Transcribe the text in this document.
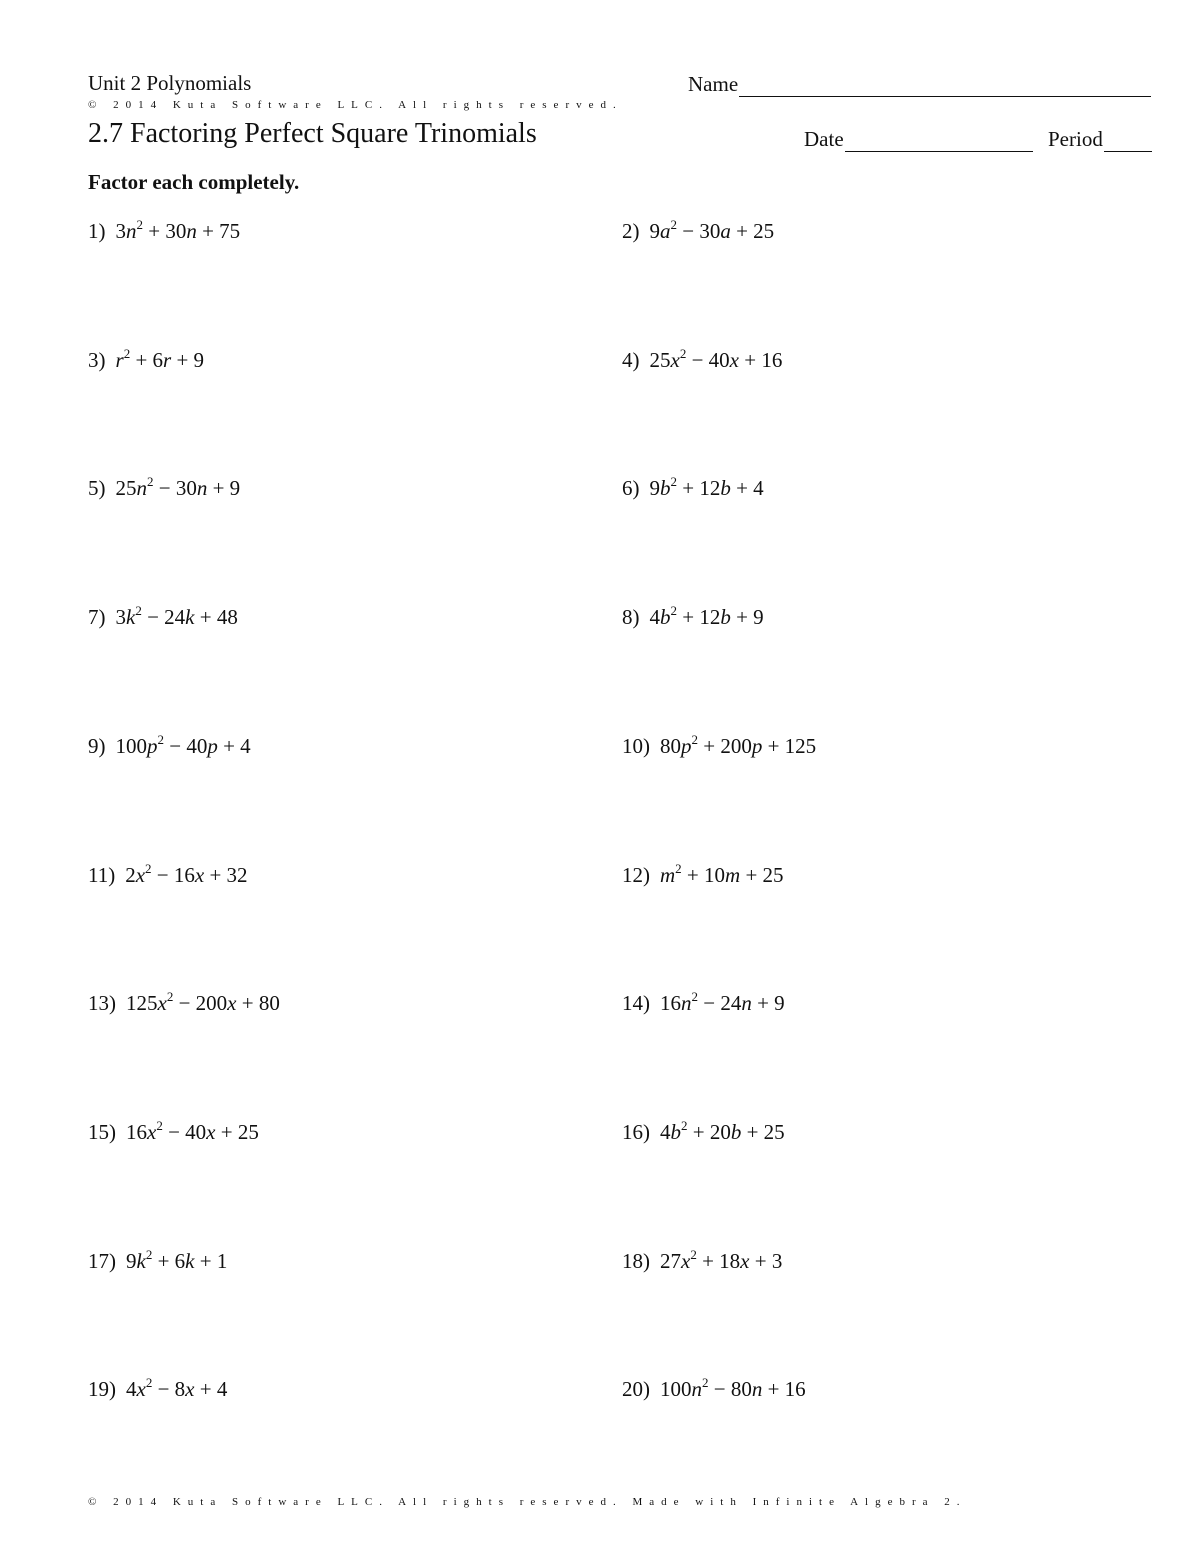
Unit 2 Polynomials
© 2014 Kuta Software LLC. All rights reserved.
2.7 Factoring Perfect Square Trinomials
Name
Date	Period
Factor each completely.
1) $3n^2 + 30n + 75$	2) $9a^2 - 30a + 25$
3) $r^2 + 6r + 9$	4) $25x^2 - 40x + 16$
5) $25n^2 - 30n + 9$	6) $9b^2 + 12b + 4$
7) $3k^2 - 24k + 48$	8) $4b^2 + 12b + 9$
9) $100p^2 - 40p + 4$	10) $80p^2 + 200p + 125$
11) $2x^2 - 16x + 32$	12) $m^2 + 10m + 25$
13) $125x^2 - 200x + 80$	14) $16n^2 - 24n + 9$
15) $16x^2 - 40x + 25$	16) $4b^2 + 20b + 25$
17) $9k^2 + 6k + 1$	18) $27x^2 + 18x + 3$
19) $4x^2 - 8x + 4$	20) $100n^2 - 80n + 16$
© 2014 Kuta Software LLC. All rights reserved. Made with Infinite Algebra 2.
